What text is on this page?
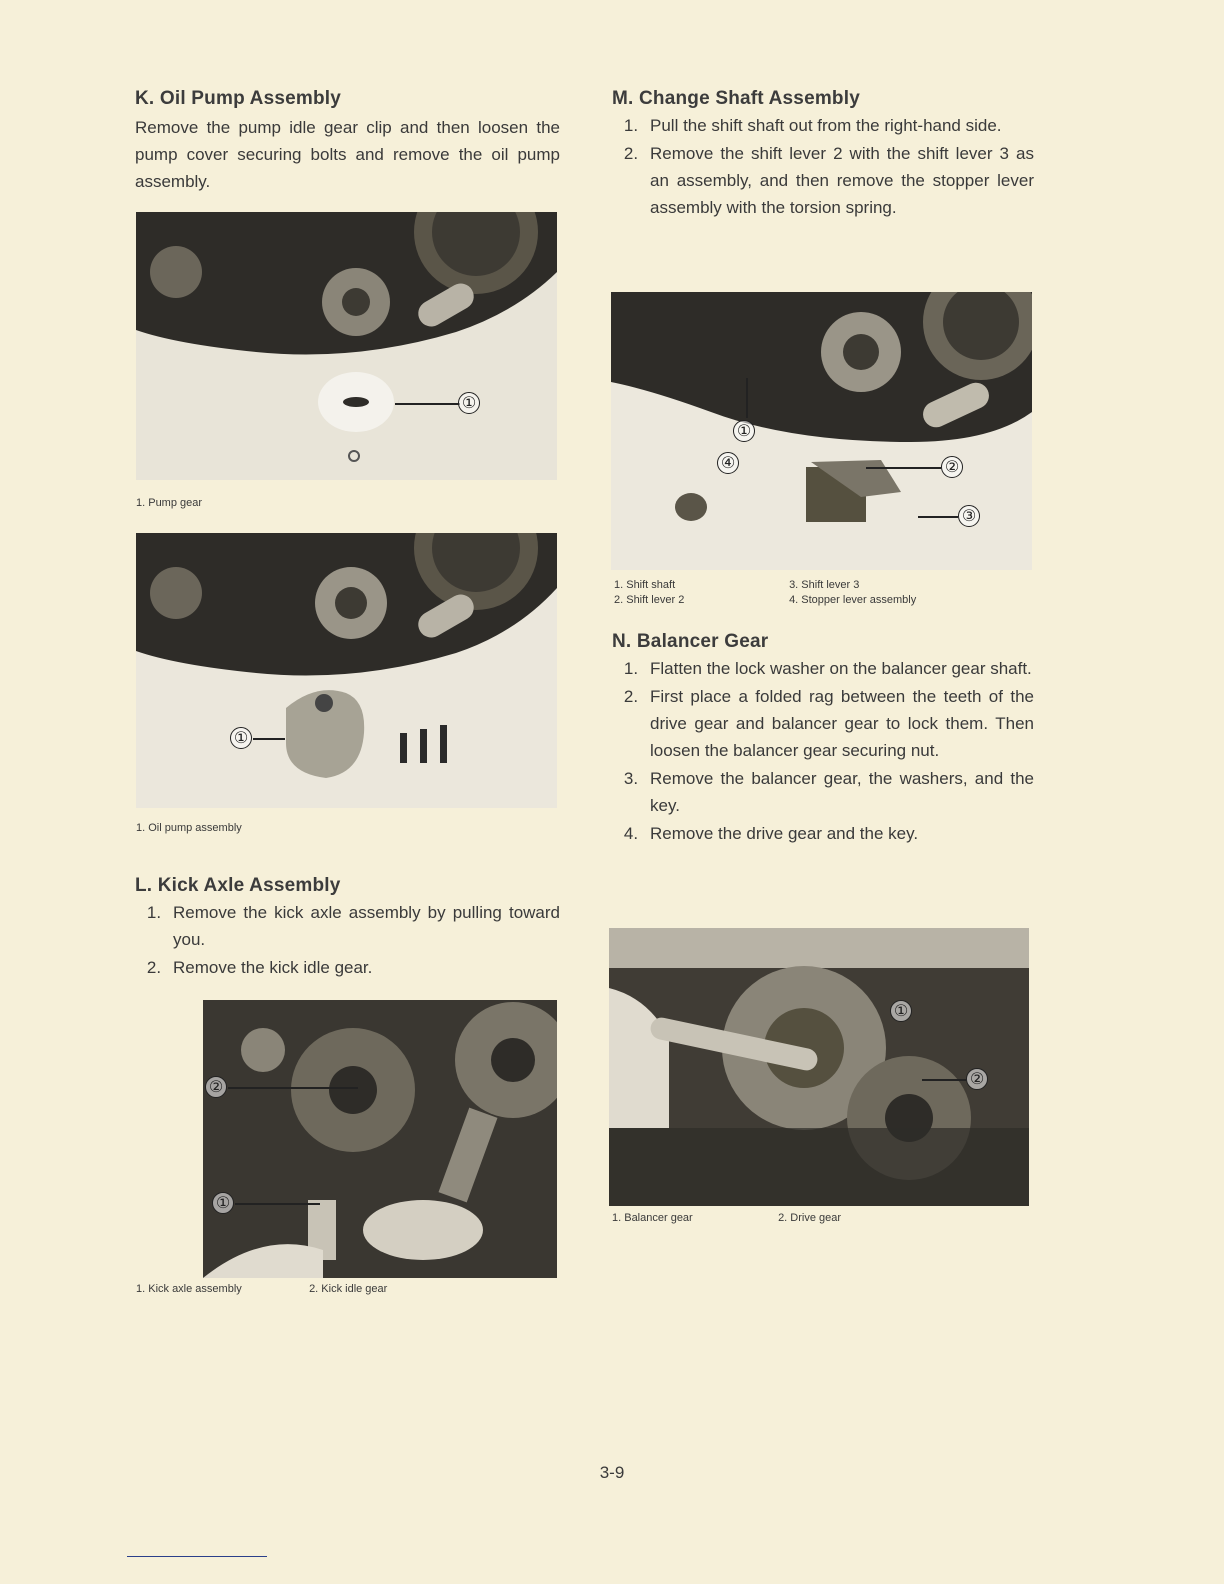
K. Oil Pump Assembly

Remove the pump idle gear clip and then loosen the pump cover securing bolts and remove the oil pump assembly.

①
1. Pump gear
①
1. Oil pump assembly
L. Kick Axle Assembly
1. Remove the kick axle assembly by pulling toward you.
2. Remove the kick idle gear.
②
①
1. Kick axle assembly	2. Kick idle gear
M. Change Shaft Assembly
1. Pull the shift shaft out from the right-hand side.
2. Remove the shift lever 2 with the shift lever 3 as an assembly, and then remove the stopper lever assembly with the torsion spring.
①
④	②
③
1. Shift shaft	3. Shift lever 3
2. Shift lever 2	4. Stopper lever assembly
N. Balancer Gear
1. Flatten the lock washer on the balancer gear shaft.
2. First place a folded rag between the teeth of the drive gear and balancer gear to lock them. Then loosen the balancer gear securing nut.
3. Remove the balancer gear, the washers, and the key.
4. Remove the drive gear and the key.
①
②
1. Balancer gear	2. Drive gear
3-9
